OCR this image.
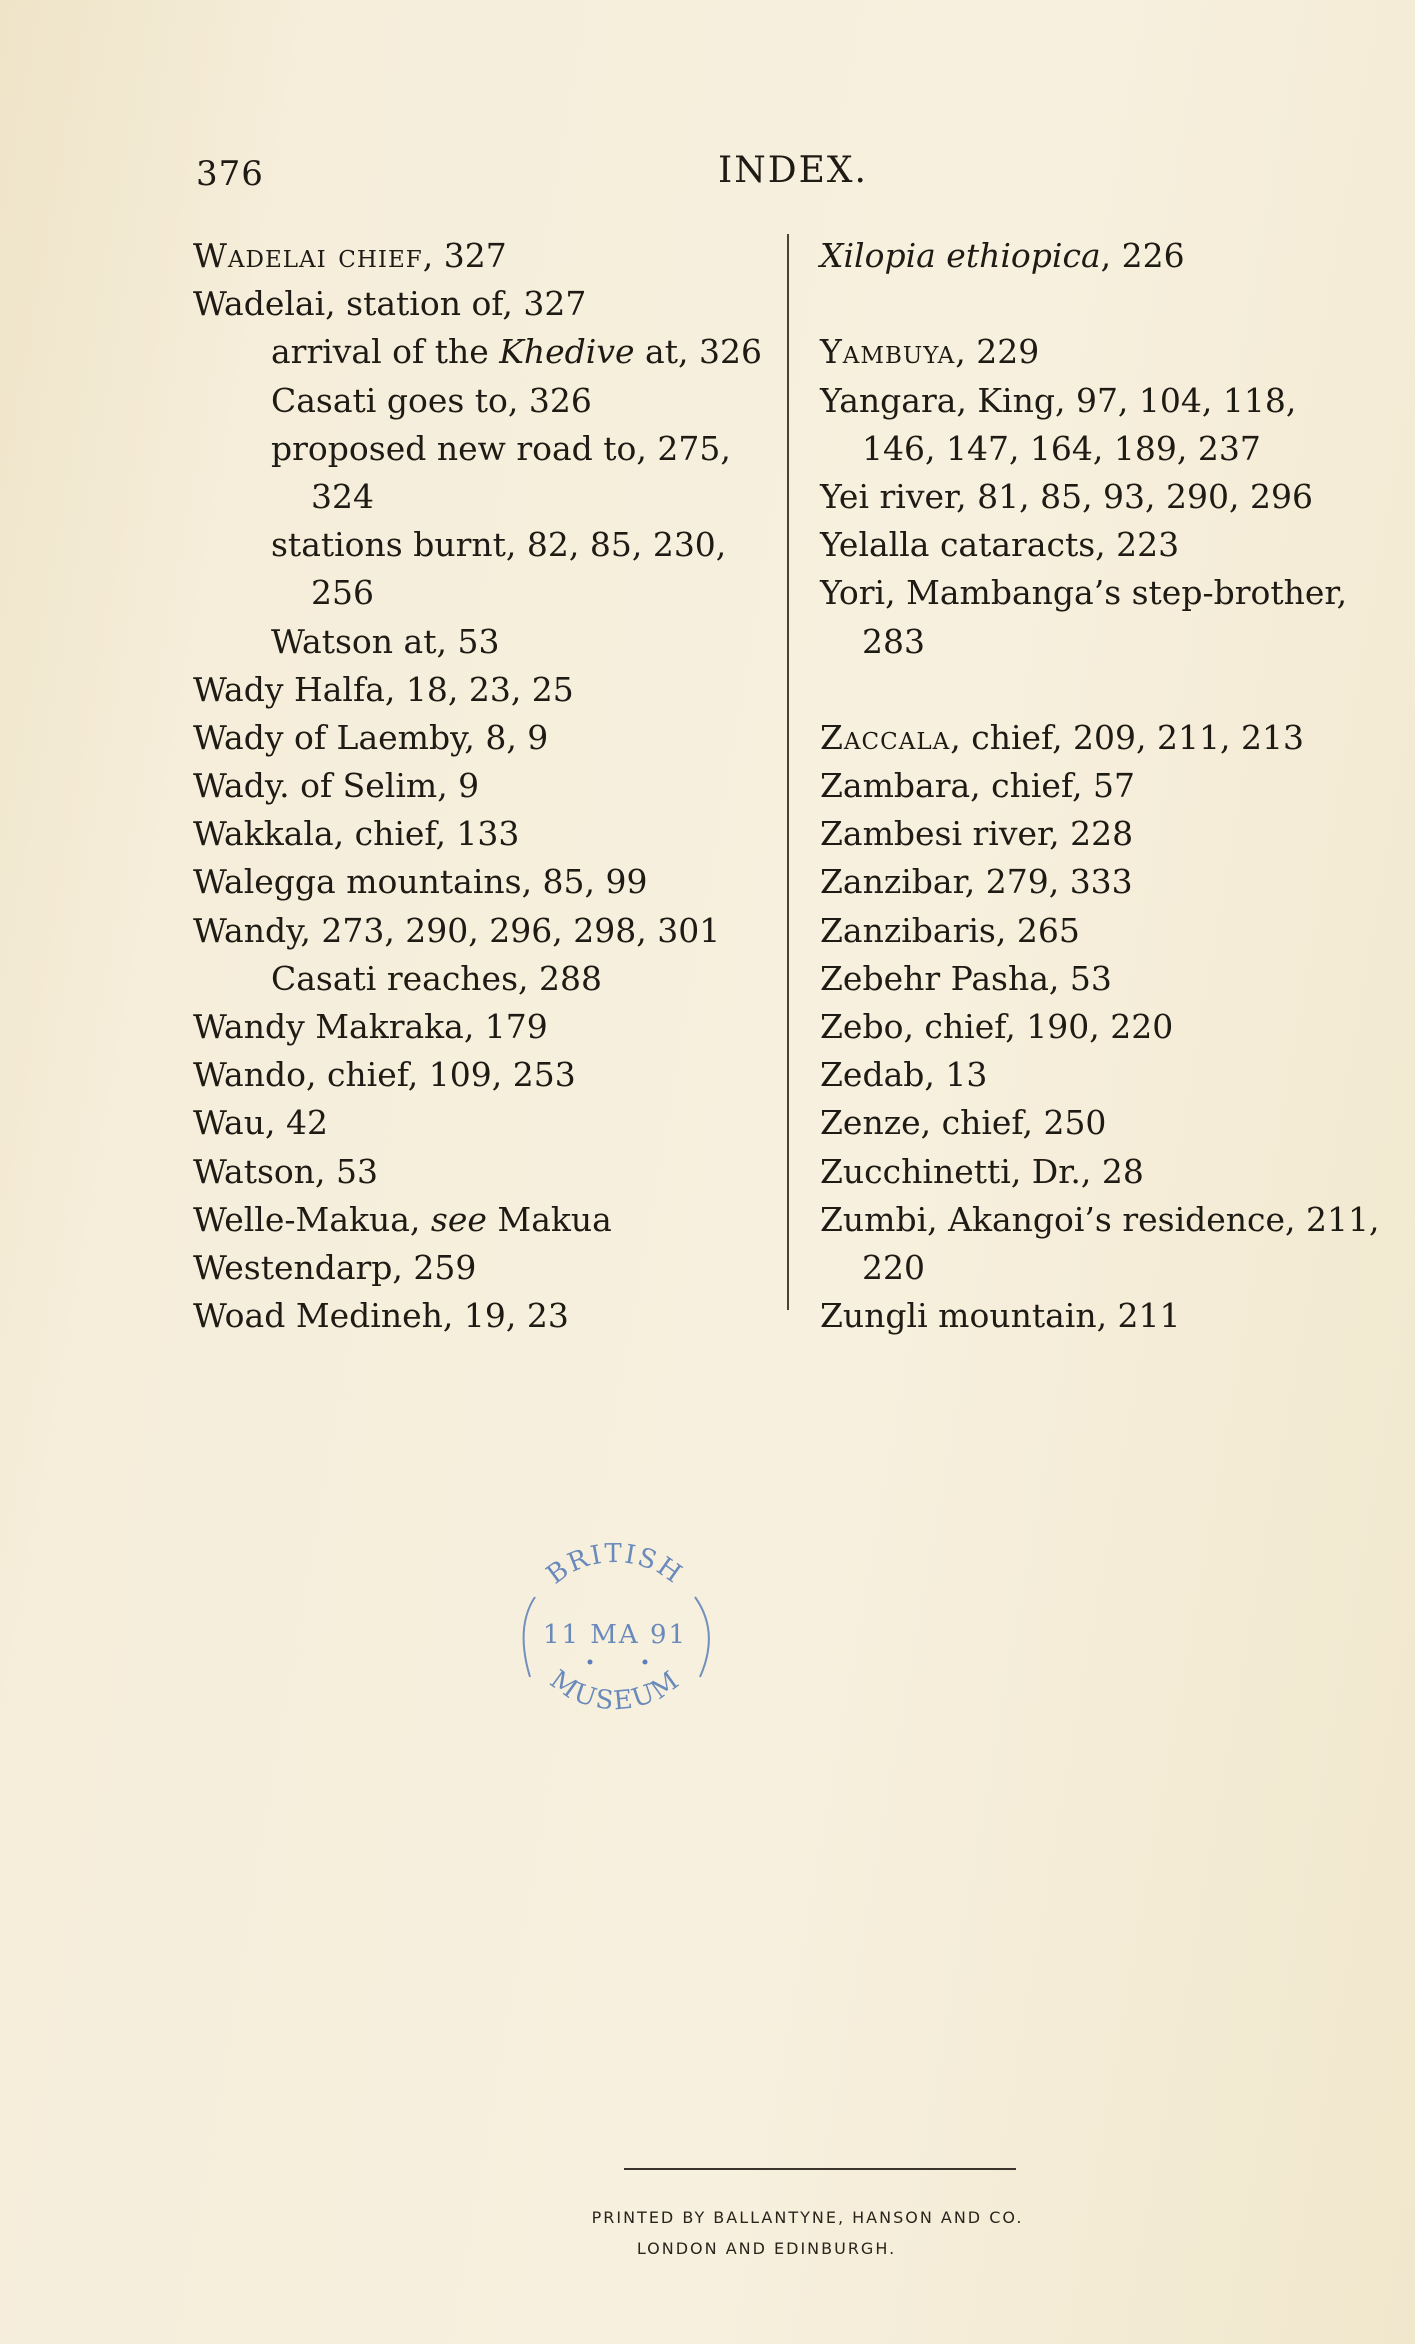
376	INDEX.
Wadelai chief, 327
Wadelai, station of, 327
arrival of the Khedive at, 326
Casati goes to, 326
proposed new road to, 275,
324
stations burnt, 82, 85, 230,
256
Watson at, 53
Wady Halfa, 18, 23, 25
Wady of Laemby, 8, 9
Wady. of Selim, 9
Wakkala, chief, 133
Walegga mountains, 85, 99
Wandy, 273, 290, 296, 298, 301
Casati reaches, 288
Wandy Makraka, 179
Wando, chief, 109, 253
Wau, 42
Watson, 53
Welle-Makua, see Makua
Westendarp, 259
Woad Medineh, 19, 23
Xilopia ethiopica, 226
Yambuya, 229
Yangara, King, 97, 104, 118,
146, 147, 164, 189, 237
Yei river, 81, 85, 93, 290, 296
Yelalla cataracts, 223
Yori, Mambanga’s step-brother,
283
Zaccala, chief, 209, 211, 213
Zambara, chief, 57
Zambesi river, 228
Zanzibar, 279, 333
Zanzibaris, 265
Zebehr Pasha, 53
Zebo, chief, 190, 220
Zedab, 13
Zenze, chief, 250
Zucchinetti, Dr., 28
Zumbi, Akangoi’s residence, 211,
220
Zungli mountain, 211
BRITISH
11 MA 91
MUSEUM
PRINTED BY BALLANTYNE, HANSON AND CO.
LONDON AND EDINBURGH.
